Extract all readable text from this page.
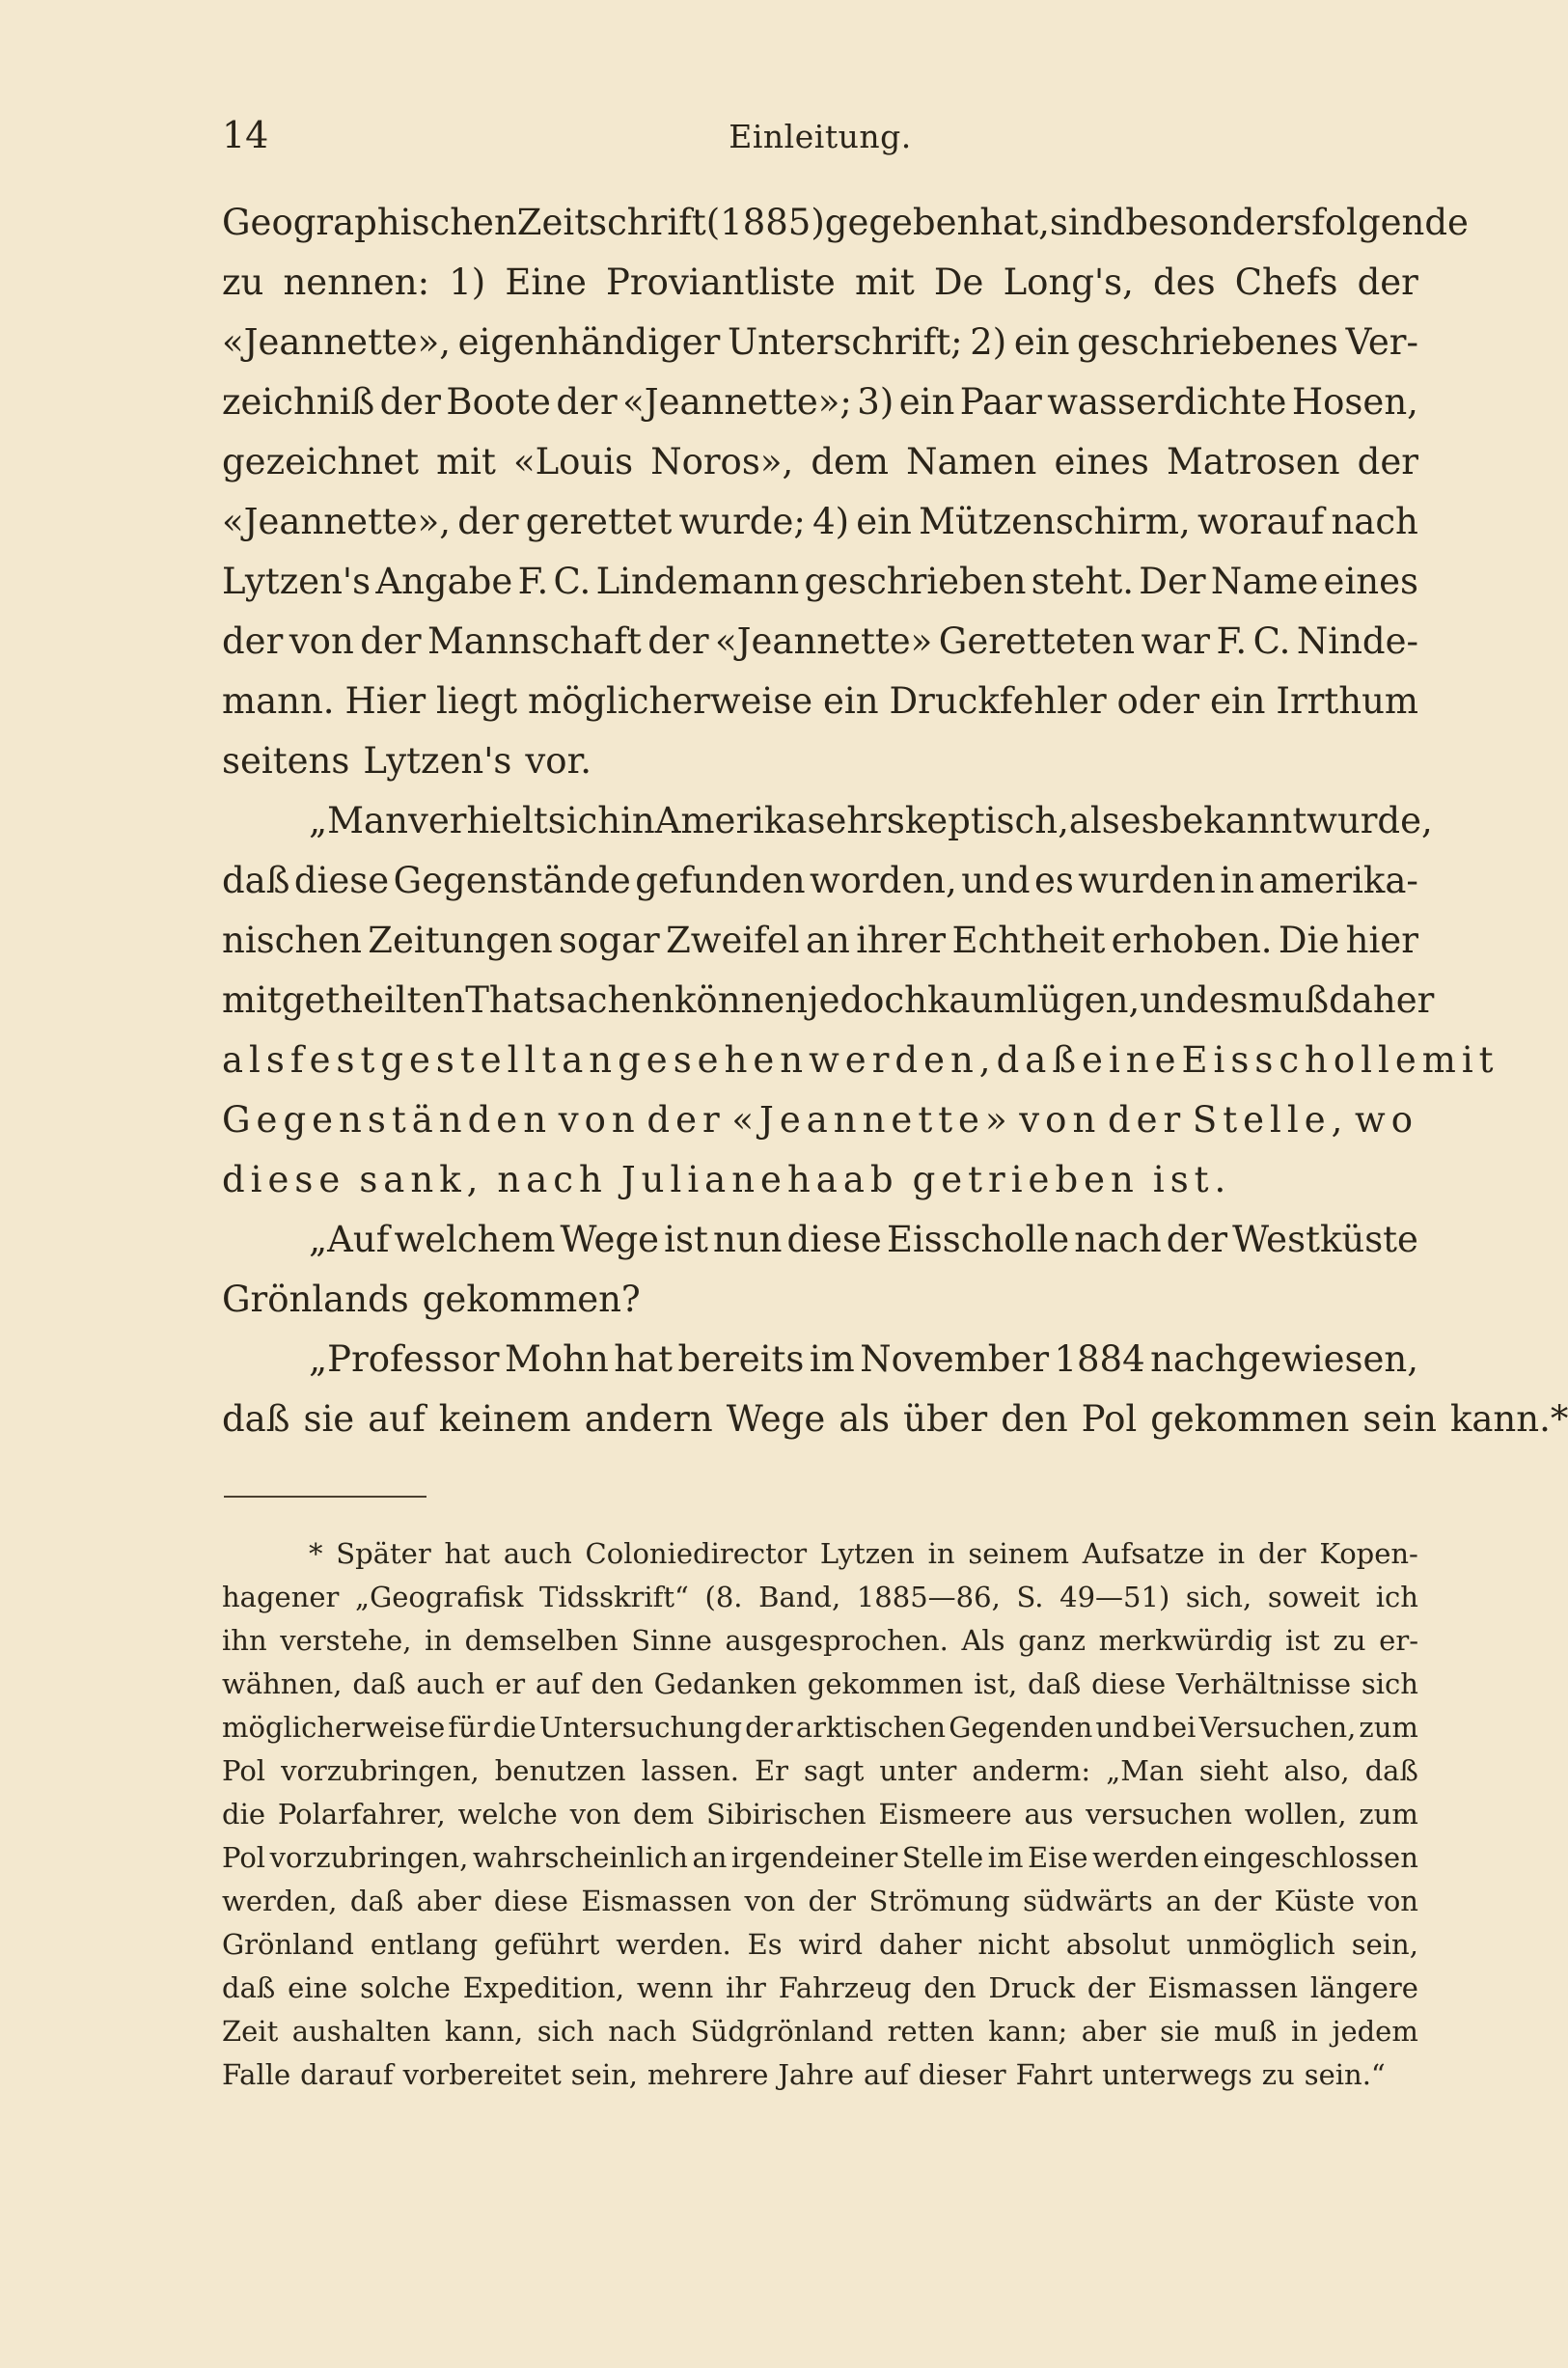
14	Einleitung.
Geographischen Zeitschrift (1885) gegeben hat, sind besonders folgende
zu nennen: 1) Eine Proviantliste mit De Long's, des Chefs der
«Jeannette», eigenhändiger Unterschrift; 2) ein geschriebenes Ver-
zeichniß der Boote der «Jeannette»; 3) ein Paar wasserdichte Hosen,
gezeichnet mit «Louis Noros», dem Namen eines Matrosen der
«Jeannette», der gerettet wurde; 4) ein Mützenschirm, worauf nach
Lytzen's Angabe F. C. Lindemann geschrieben steht. Der Name eines
der von der Mannschaft der «Jeannette» Geretteten war F. C. Ninde-
mann. Hier liegt möglicherweise ein Druckfehler oder ein Irrthum
seitens Lytzen's vor.
„Man verhielt sich in Amerika sehr skeptisch, als es bekannt wurde,
daß diese Gegenstände gefunden worden, und es wurden in amerika-
nischen Zeitungen sogar Zweifel an ihrer Echtheit erhoben. Die hier
mitgetheilten Thatsachen können jedoch kaum lügen, und es muß daher
als festgestellt angesehen werden, daß eine Eisscholle mit
Gegenständen von der «Jeannette» von der Stelle, wo
diese sank, nach Julianehaab getrieben ist.
„Auf welchem Wege ist nun diese Eisscholle nach der Westküste
Grönlands gekommen?
„Professor Mohn hat bereits im November 1884 nachgewiesen,
daß sie auf keinem andern Wege als über den Pol gekommen sein kann.*
* Später hat auch Coloniedirector Lytzen in seinem Aufsatze in der Kopen-
hagener „Geografisk Tidsskrift“ (8. Band, 1885—86, S. 49—51) sich, soweit ich
ihn verstehe, in demselben Sinne ausgesprochen. Als ganz merkwürdig ist zu er-
wähnen, daß auch er auf den Gedanken gekommen ist, daß diese Verhältnisse sich
möglicherweise für die Untersuchung der arktischen Gegenden und bei Versuchen, zum
Pol vorzubringen, benutzen lassen. Er sagt unter anderm: „Man sieht also, daß
die Polarfahrer, welche von dem Sibirischen Eismeere aus versuchen wollen, zum
Pol vorzubringen, wahrscheinlich an irgendeiner Stelle im Eise werden eingeschlossen
werden, daß aber diese Eismassen von der Strömung südwärts an der Küste von
Grönland entlang geführt werden. Es wird daher nicht absolut unmöglich sein,
daß eine solche Expedition, wenn ihr Fahrzeug den Druck der Eismassen längere
Zeit aushalten kann, sich nach Südgrönland retten kann; aber sie muß in jedem
Falle darauf vorbereitet sein, mehrere Jahre auf dieser Fahrt unterwegs zu sein.“
